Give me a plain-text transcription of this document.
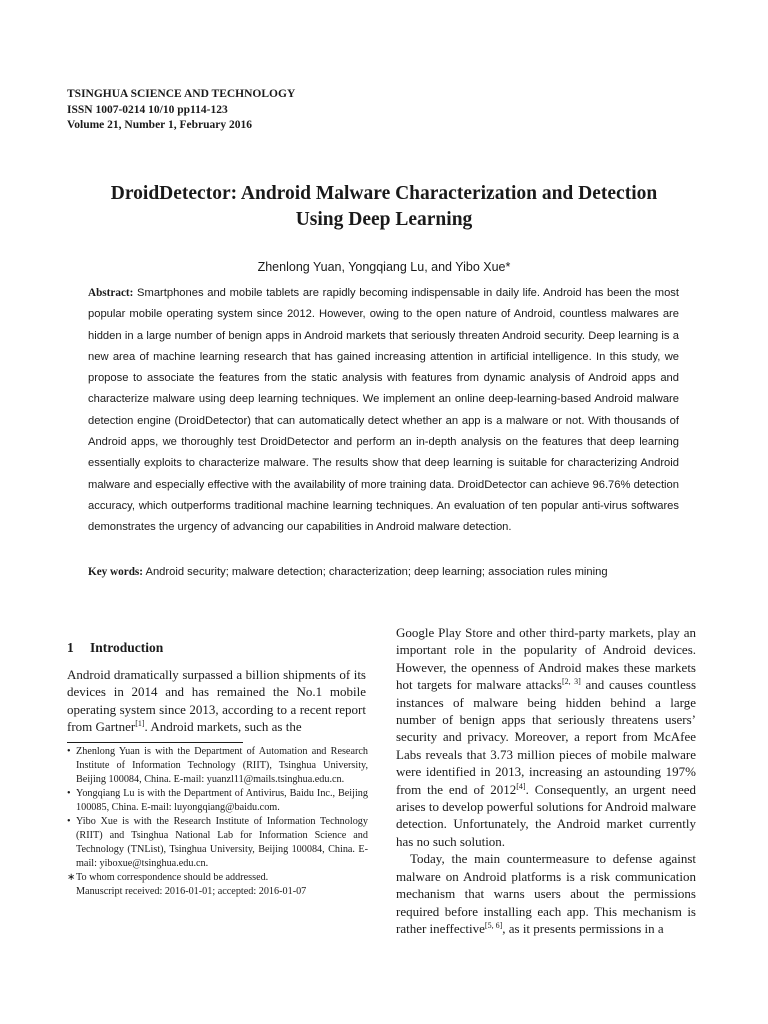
TSINGHUA SCIENCE AND TECHNOLOGY
ISSN 1007-0214 10/10 pp114-123
Volume 21, Number 1, February 2016
DroidDetector: Android Malware Characterization and Detection
Using Deep Learning
Zhenlong Yuan, Yongqiang Lu, and Yibo Xue*
Abstract: Smartphones and mobile tablets are rapidly becoming indispensable in daily life. Android has been the most popular mobile operating system since 2012. However, owing to the open nature of Android, countless malwares are hidden in a large number of benign apps in Android markets that seriously threaten Android security. Deep learning is a new area of machine learning research that has gained increasing attention in artificial intelligence. In this study, we propose to associate the features from the static analysis with features from dynamic analysis of Android apps and characterize malware using deep learning techniques. We implement an online deep-learning-based Android malware detection engine (DroidDetector) that can automatically detect whether an app is a malware or not. With thousands of Android apps, we thoroughly test DroidDetector and perform an in-depth analysis on the features that deep learning essentially exploits to characterize malware. The results show that deep learning is suitable for characterizing Android malware and especially effective with the availability of more training data. DroidDetector can achieve 96.76% detection accuracy, which outperforms traditional machine learning techniques. An evaluation of ten popular anti-virus softwares demonstrates the urgency of advancing our capabilities in Android malware detection.
Key words: Android security; malware detection; characterization; deep learning; association rules mining
1 Introduction
Android dramatically surpassed a billion shipments of its devices in 2014 and has remained the No.1 mobile operating system since 2013, according to a recent report from Gartner[1]. Android markets, such as the
• Zhenlong Yuan is with the Department of Automation and Research Institute of Information Technology (RIIT), Tsinghua University, Beijing 100084, China. E-mail: yuanzl11@mails.tsinghua.edu.cn.
• Yongqiang Lu is with the Department of Antivirus, Baidu Inc., Beijing 100085, China. E-mail: luyongqiang@baidu.com.
• Yibo Xue is with the Research Institute of Information Technology (RIIT) and Tsinghua National Lab for Information Science and Technology (TNList), Tsinghua University, Beijing 100084, China. E-mail: yiboxue@tsinghua.edu.cn.
∗ To whom correspondence should be addressed.
Manuscript received: 2016-01-01; accepted: 2016-01-07

Google Play Store and other third-party markets, play an important role in the popularity of Android devices. However, the openness of Android makes these markets hot targets for malware attacks[2, 3] and causes countless instances of malware being hidden behind a large number of benign apps that seriously threatens users’ security and privacy. Moreover, a report from McAfee Labs reveals that 3.73 million pieces of mobile malware were identified in 2013, increasing an astounding 197% from the end of 2012[4]. Consequently, an urgent need arises to develop powerful solutions for Android malware detection. Unfortunately, the Android market currently has no such solution.

Today, the main countermeasure to defense against malware on Android platforms is a risk communication mechanism that warns users about the permissions required before installing each app. This mechanism is rather ineffective[5, 6], as it presents permissions in a
